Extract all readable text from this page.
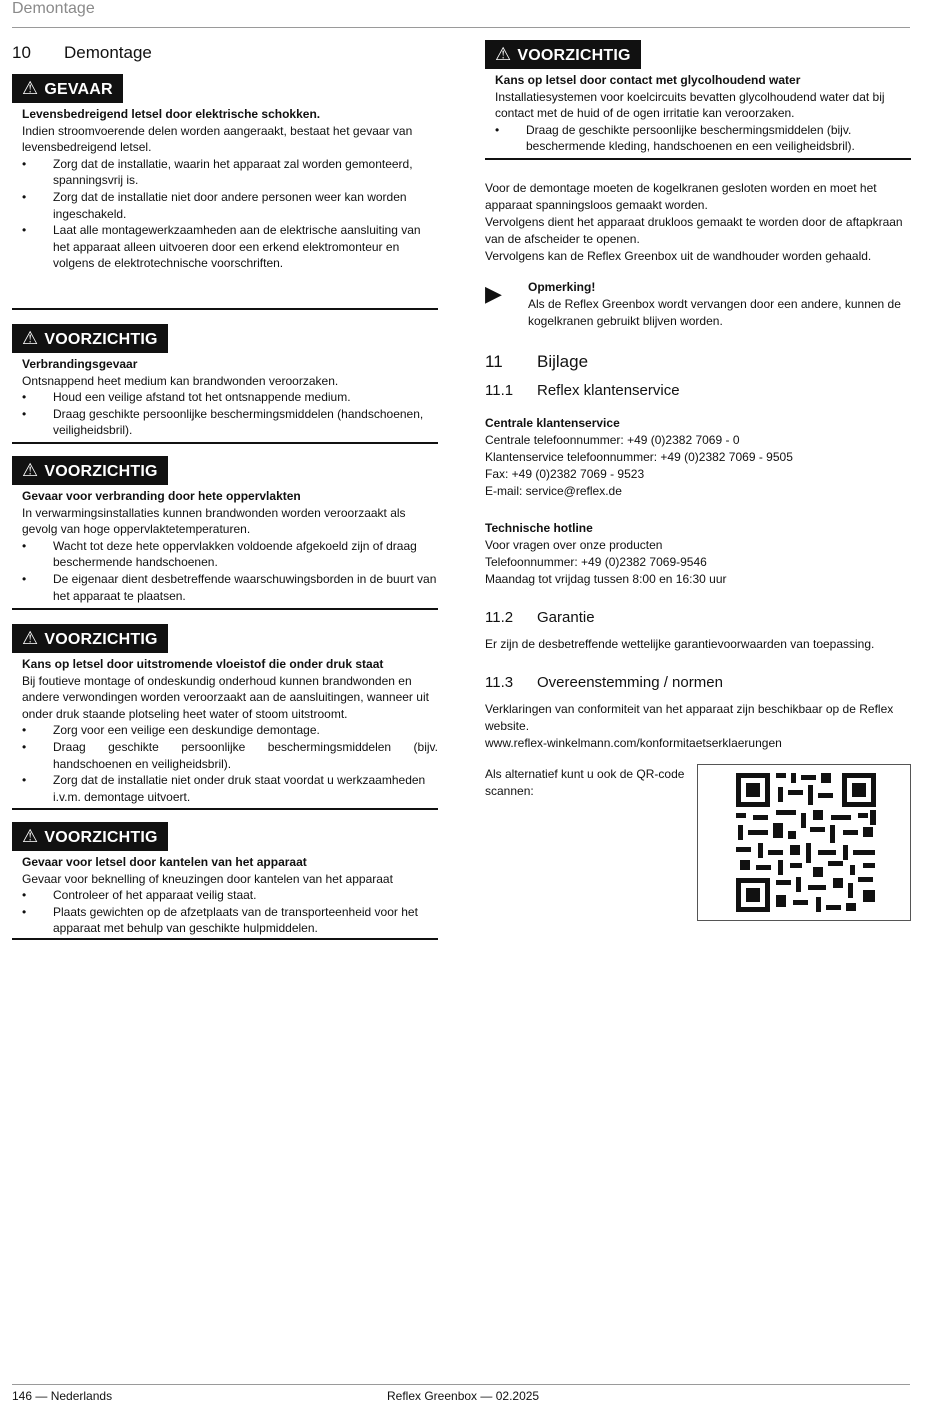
Demontage
10 Demontage
⚠ GEVAAR
Levensbedreigend letsel door elektrische schokken.
Indien stroomvoerende delen worden aangeraakt, bestaat het gevaar van levensbedreigend letsel.
• Zorg dat de installatie, waarin het apparaat zal worden gemonteerd, spanningsvrij is.
• Zorg dat de installatie niet door andere personen weer kan worden ingeschakeld.
• Laat alle montagewerkzaamheden aan de elektrische aansluiting van het apparaat alleen uitvoeren door een erkend elektromonteur en volgens de elektrotechnische voorschriften.
⚠ VOORZICHTIG
Verbrandingsgevaar
Ontsnappend heet medium kan brandwonden veroorzaken.
• Houd een veilige afstand tot het ontsnappende medium.
• Draag geschikte persoonlijke beschermingsmiddelen (handschoenen, veiligheidsbril).
⚠ VOORZICHTIG
Gevaar voor verbranding door hete oppervlakten
In verwarmingsinstallaties kunnen brandwonden worden veroorzaakt als gevolg van hoge oppervlaktetemperaturen.
• Wacht tot deze hete oppervlakken voldoende afgekoeld zijn of draag beschermende handschoenen.
• De eigenaar dient desbetreffende waarschuwingsborden in de buurt van het apparaat te plaatsen.
⚠ VOORZICHTIG
Kans op letsel door uitstromende vloeistof die onder druk staat
Bij foutieve montage of ondeskundig onderhoud kunnen brandwonden en andere verwondingen worden veroorzaakt aan de aansluitingen, wanneer uit onder druk staande plotseling heet water of stoom uitstroomt.
• Zorg voor een veilige een deskundige demontage.
• Draag geschikte persoonlijke beschermingsmiddelen (bijv. handschoenen en veiligheidsbril).
• Zorg dat de installatie niet onder druk staat voordat u werkzaamheden i.v.m. demontage uitvoert.
⚠ VOORZICHTIG
Gevaar voor letsel door kantelen van het apparaat
Gevaar voor beknelling of kneuzingen door kantelen van het apparaat
• Controleer of het apparaat veilig staat.
• Plaats gewichten op de afzetplaats van de transporteenheid voor het apparaat met behulp van geschikte hulpmiddelen.
⚠ VOORZICHTIG
Kans op letsel door contact met glycolhoudend water
Installatiesystemen voor koelcircuits bevatten glycolhoudend water dat bij contact met de huid of de ogen irritatie kan veroorzaken.
• Draag de geschikte persoonlijke beschermingsmiddelen (bijv. beschermende kleding, handschoenen en een veiligheidsbril).

Voor de demontage moeten de kogelkranen gesloten worden en moet het apparaat spanningsloos gemaakt worden.

Vervolgens dient het apparaat drukloos gemaakt te worden door de aftapkraan van de afscheider te openen.

Vervolgens kan de Reflex Greenbox uit de wandhouder worden gehaald.

▶ Opmerking!
Als de Reflex Greenbox wordt vervangen door een andere, kunnen de kogelkranen gebruikt blijven worden.
11 Bijlage
11.1 Reflex klantenservice

Centrale klantenservice

Centrale telefoonnummer: +49 (0)2382 7069 - 0

Klantenservice telefoonnummer: +49 (0)2382 7069 - 9505

Fax: +49 (0)2382 7069 - 9523

E-mail: service@reflex.de

Technische hotline

Voor vragen over onze producten

Telefoonnummer: +49 (0)2382 7069-9546

Maandag tot vrijdag tussen 8:00 en 16:30 uur

11.2 Garantie

Er zijn de desbetreffende wettelijke garantievoorwaarden van toepassing.

11.3 Overeenstemming / normen

Verklaringen van conformiteit van het apparaat zijn beschikbaar op de Reflex website.

www.reflex-winkelmann.com/konformitaetserklaerungen

Als alternatief kunt u ook de QR-code scannen:
146 — Nederlands	Reflex Greenbox — 02.2025
